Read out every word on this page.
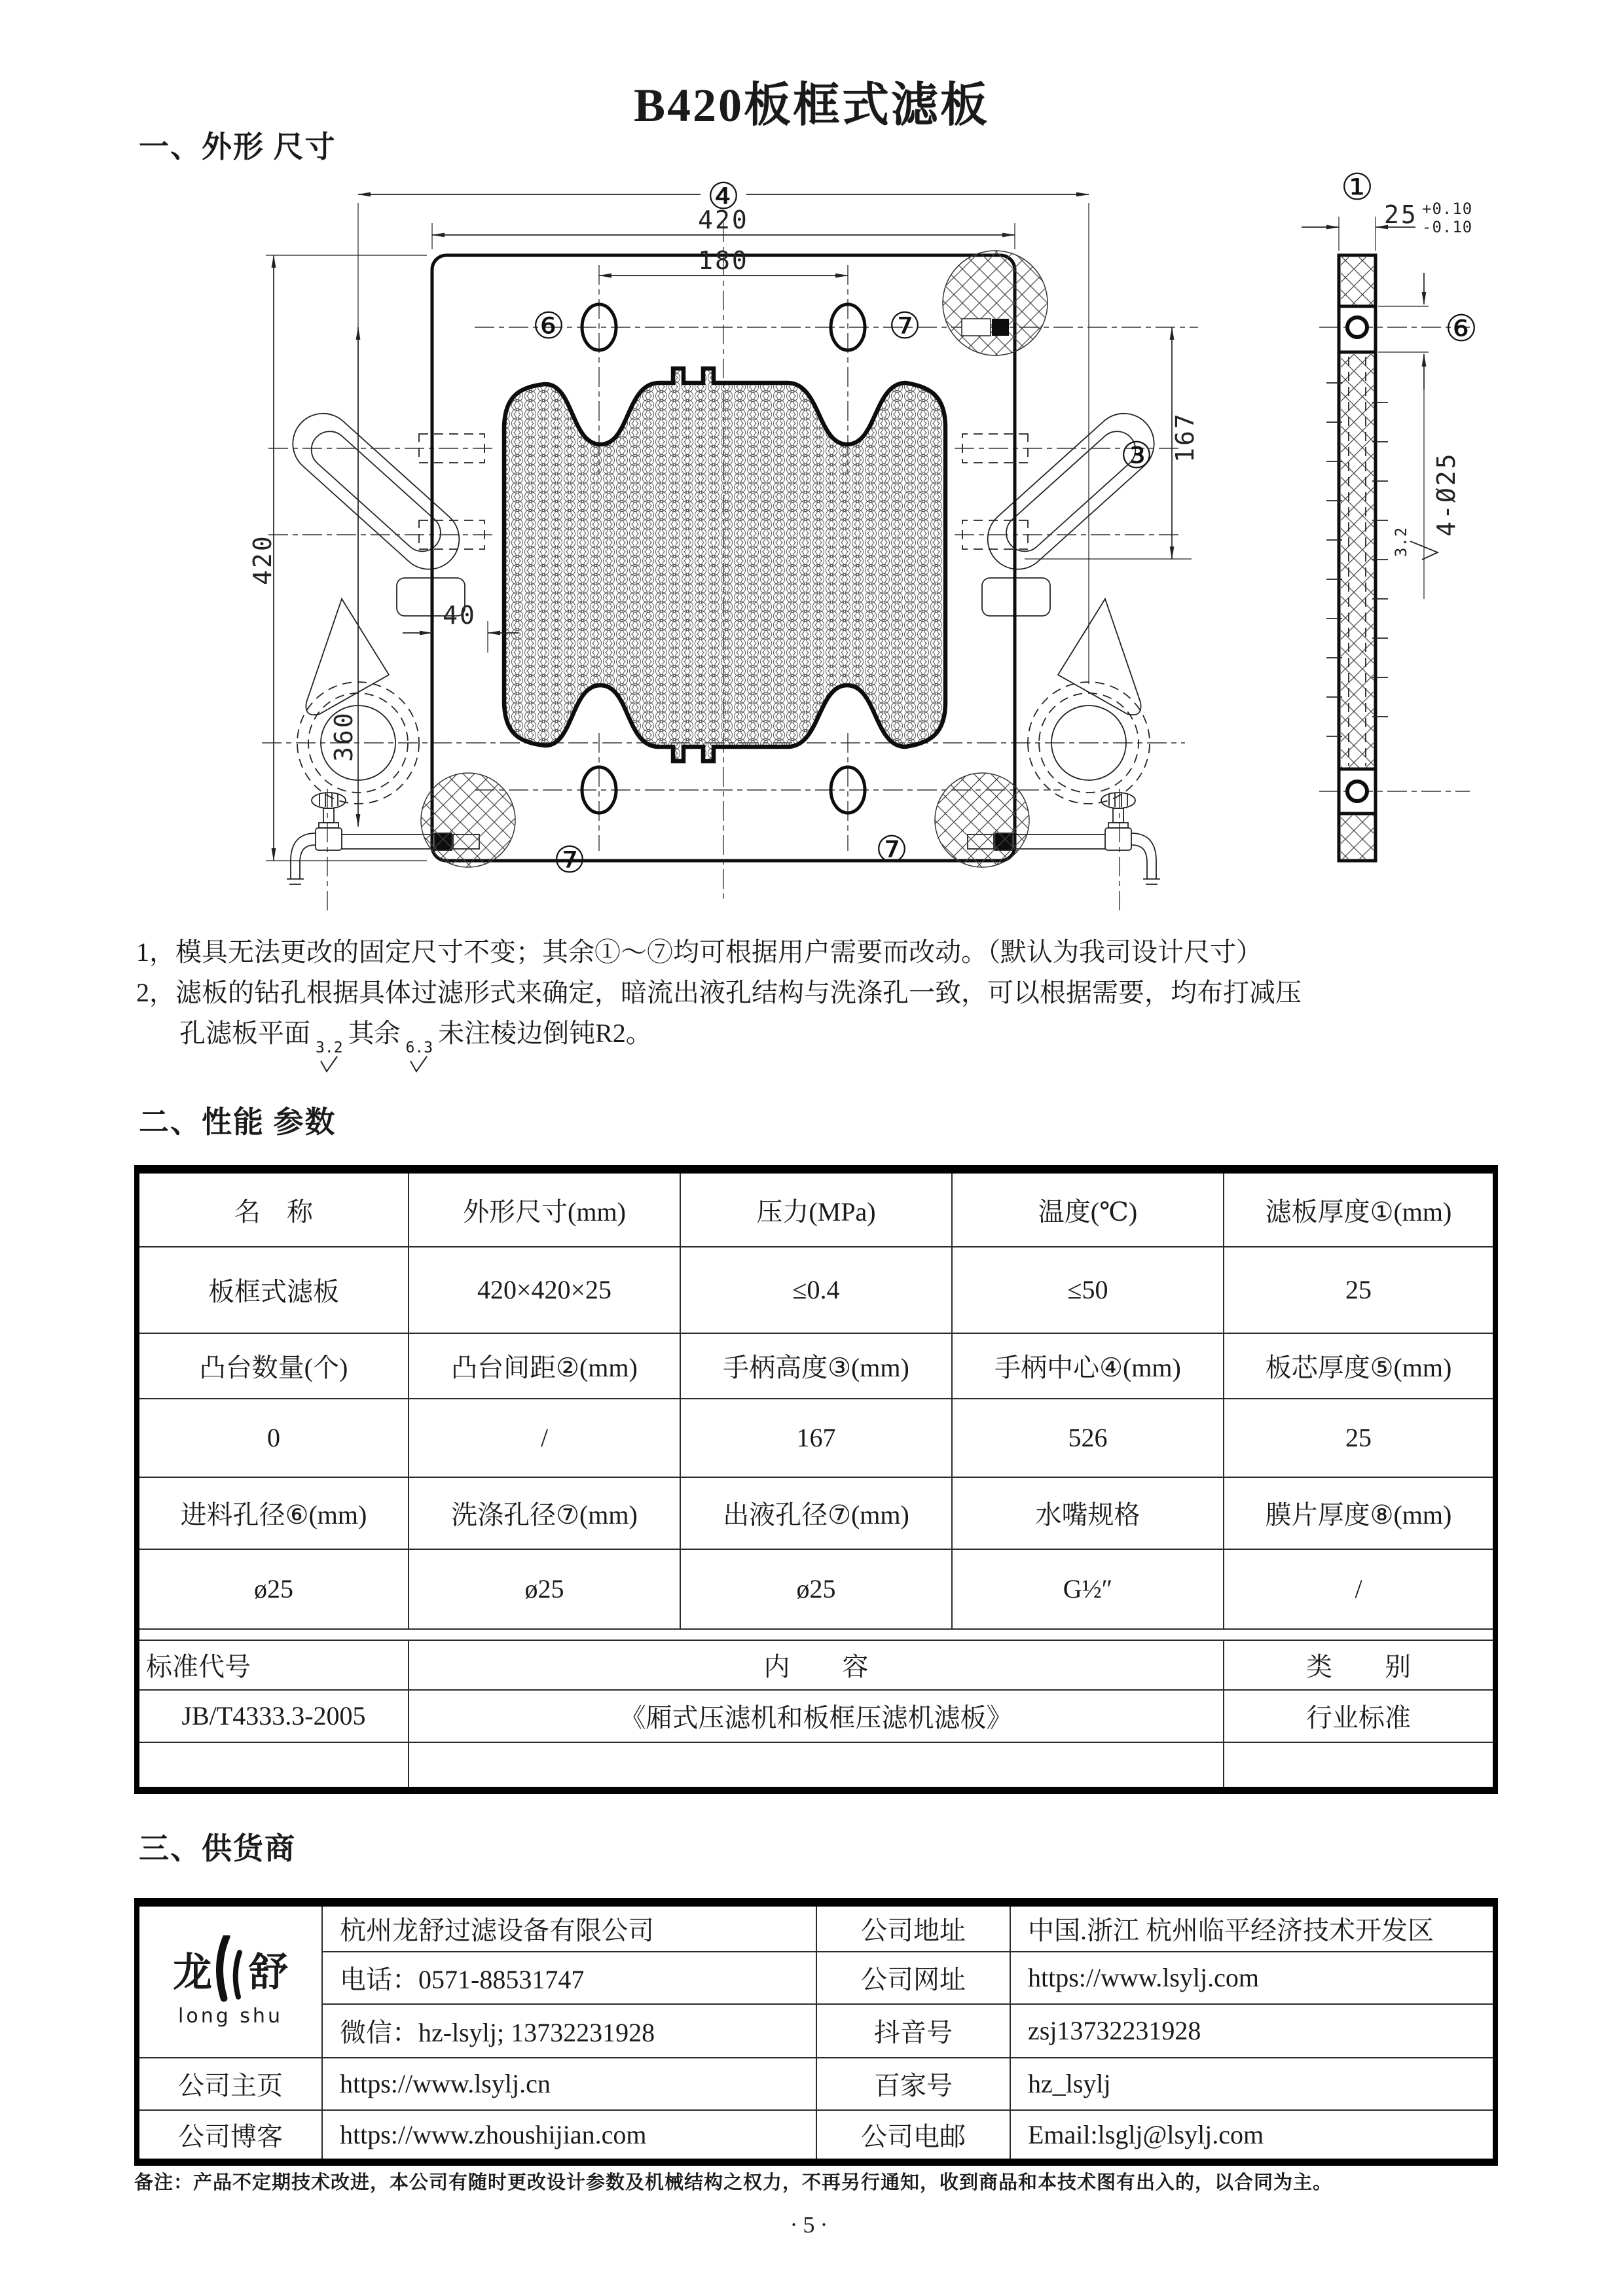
B420板框式滤板
一、外形 尺寸
⑥	⑦
⑦	⑦
3.2
④
420
180
420
360
40
③ 167
①
25 +0.10
-0.10
⑥
4-Ø25
1，模具无法更改的固定尺寸不变；其余①～⑦均可根据用户需要而改动。（默认为我司设计尺寸）
2，滤板的钻孔根据具体过滤形式来确定，暗流出液孔结构与洗涤孔一致，可以根据需要，均布打减压
孔滤板平面 3.2 其余 6.3 未注棱边倒钝R2。
二、性能 参数
名　称	外形尺寸(mm)	压力(MPa)	温度(℃)	滤板厚度①(mm)
板框式滤板	420×420×25	≤0.4	≤50	25
凸台数量(个)	凸台间距②(mm)	手柄高度③(mm)	手柄中心④(mm)	板芯厚度⑤(mm)
0	/	167	526	25
进料孔径⑥(mm)	洗涤孔径⑦(mm)	出液孔径⑦(mm)	水嘴规格	膜片厚度⑧(mm)
ø25	ø25	ø25	G½″	/

标准代号	内　　容			类　　别
JB/T4333.3-2005	《厢式压滤机和板框压滤机滤板》			行业标准

三、供货商
龙 舒
long shu	杭州龙舒过滤设备有限公司	公司地址	中国.浙江 杭州临平经济技术开发区
	电话：0571-88531747	公司网址	https://www.lsylj.com
	微信：hz-lsylj; 13732231928	抖音号	zsj13732231928
公司主页	https://www.lsylj.cn	百家号	hz_lsylj
公司博客	https://www.zhoushijian.com	公司电邮	Email:lsglj@lsylj.com
备注：产品不定期技术改进，本公司有随时更改设计参数及机械结构之权力，不再另行通知，收到商品和本技术图有出入的，以合同为主。
·5·
